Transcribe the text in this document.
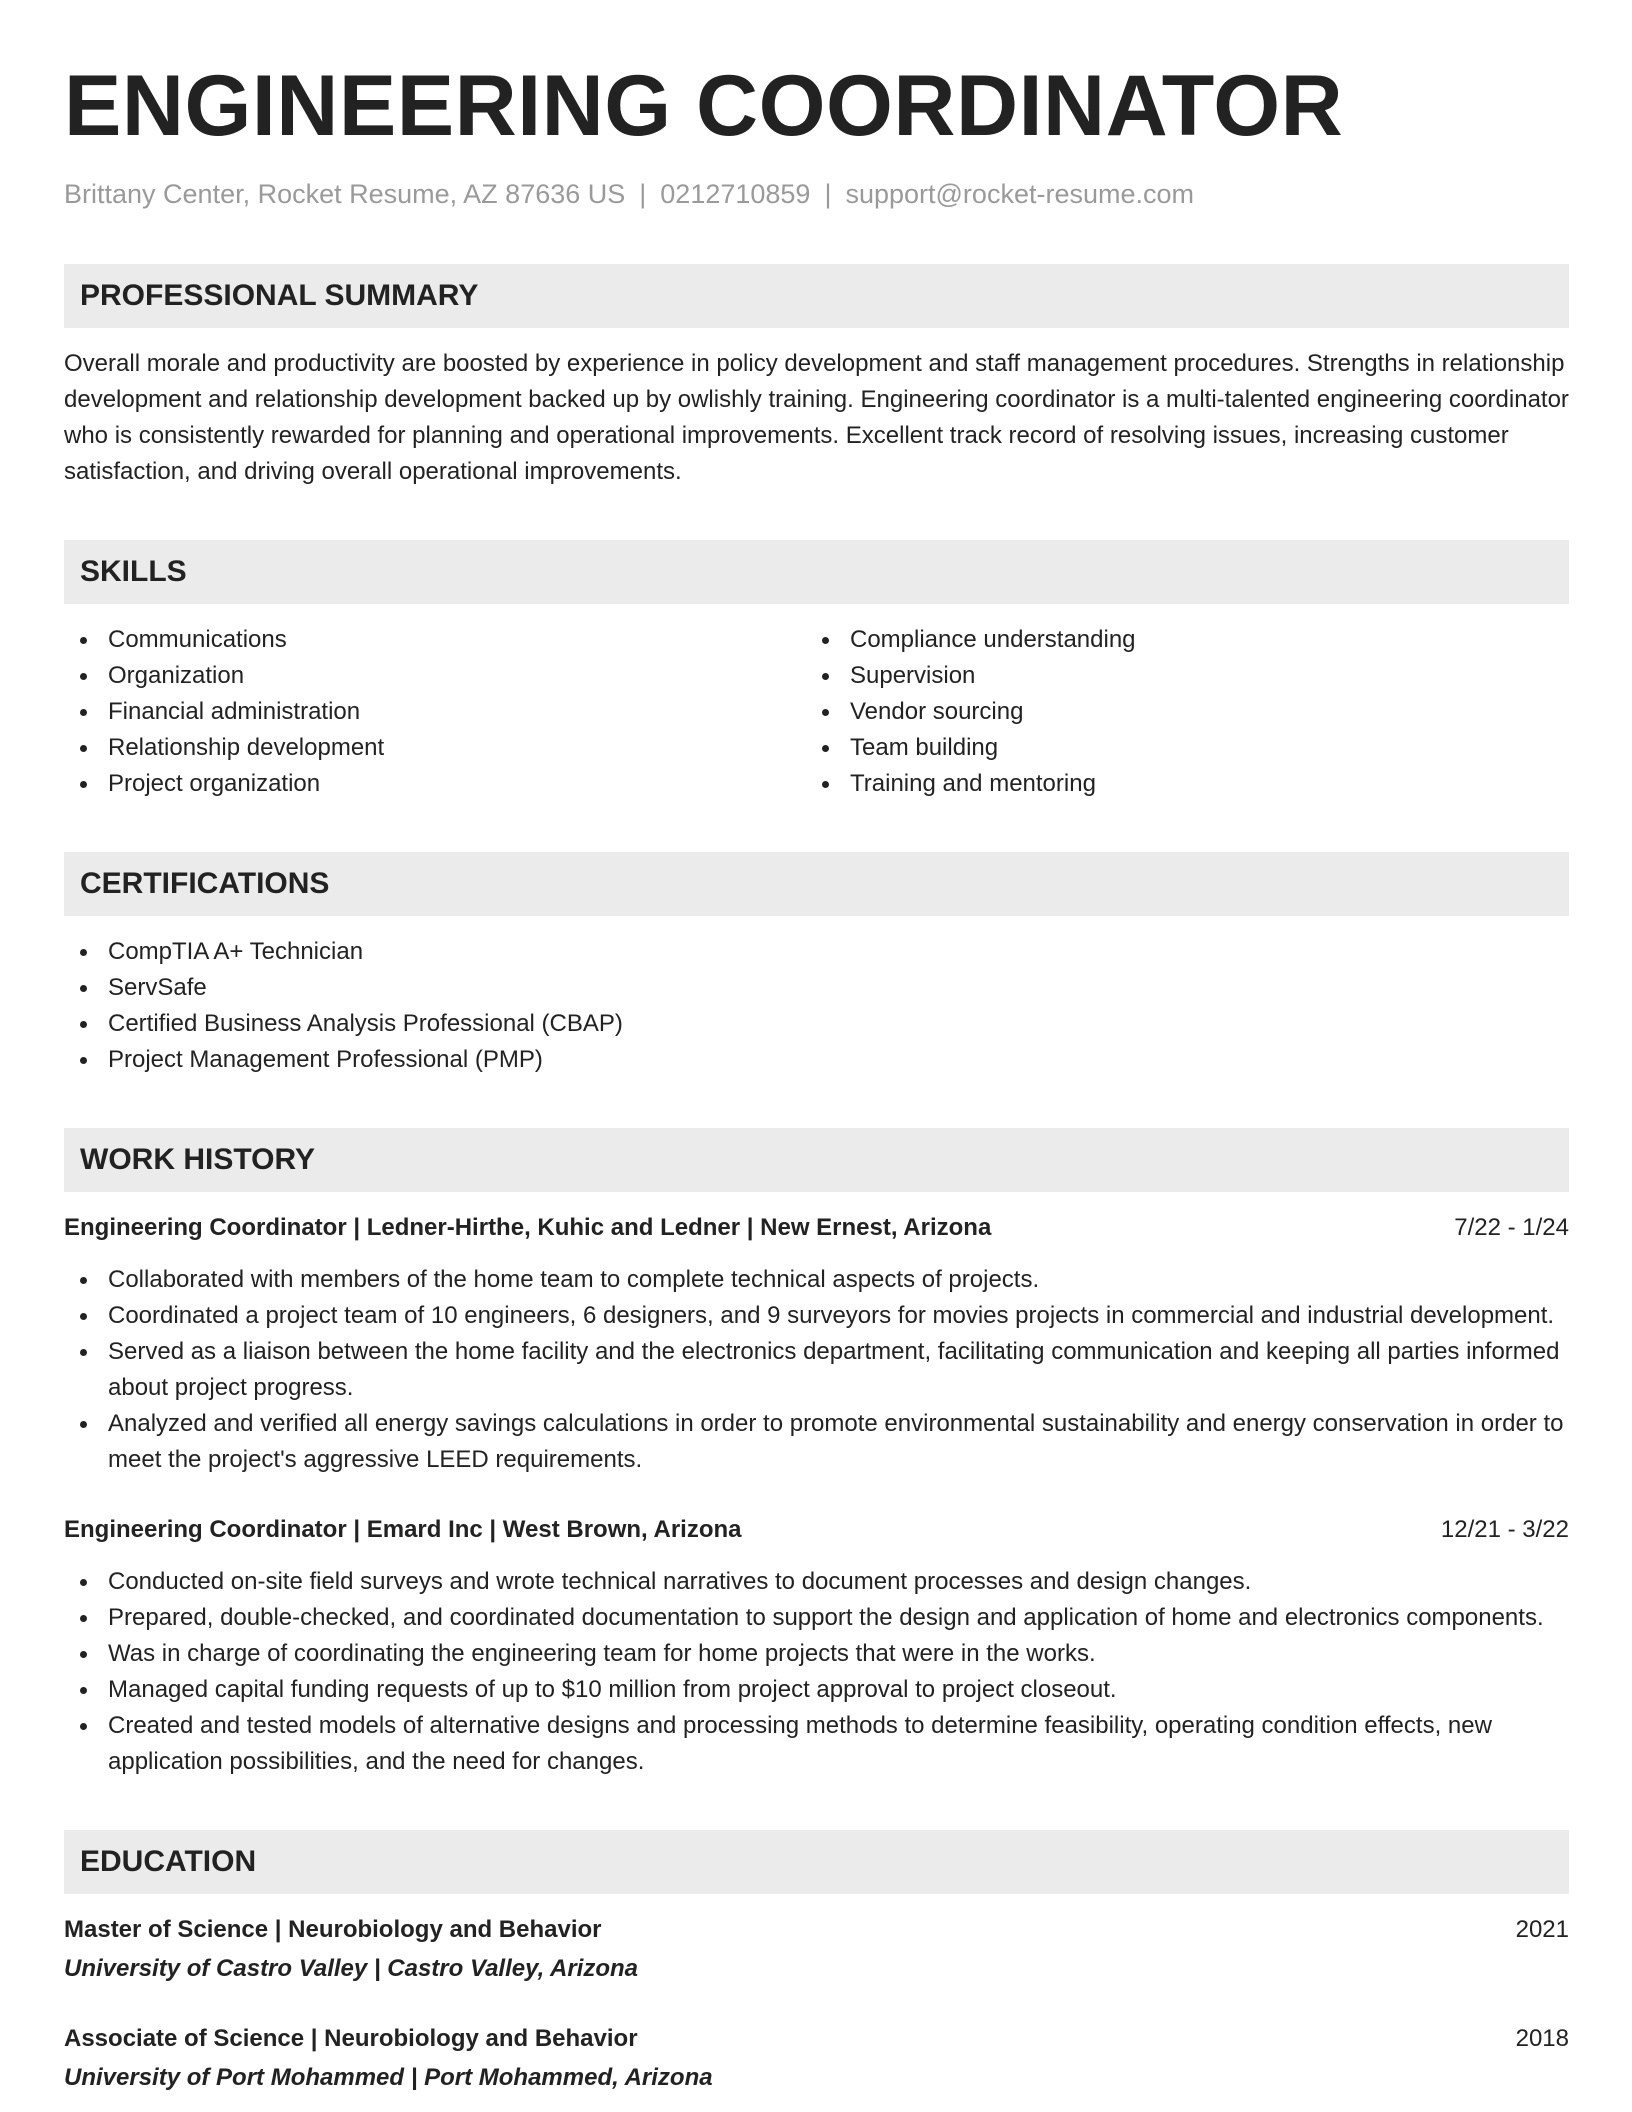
ENGINEERING COORDINATOR
Brittany Center, Rocket Resume, AZ 87636 US | 0212710859 | support@rocket-resume.com
PROFESSIONAL SUMMARY

Overall morale and productivity are boosted by experience in policy development and staff management procedures. Strengths in relationship development and relationship development backed up by owlishly training. Engineering coordinator is a multi-talented engineering coordinator who is consistently rewarded for planning and operational improvements. Excellent track record of resolving issues, increasing customer satisfaction, and driving overall operational improvements.

SKILLS
Communications
Organization
Financial administration
Relationship development
Project organization
Compliance understanding
Supervision
Vendor sourcing
Team building
Training and mentoring
CERTIFICATIONS
CompTIA A+ Technician
ServSafe
Certified Business Analysis Professional (CBAP)
Project Management Professional (PMP)
WORK HISTORY
Engineering Coordinator | Ledner-Hirthe, Kuhic and Ledner | New Ernest, Arizona	7/22 - 1/24
Collaborated with members of the home team to complete technical aspects of projects.
Coordinated a project team of 10 engineers, 6 designers, and 9 surveyors for movies projects in commercial and industrial development.
Served as a liaison between the home facility and the electronics department, facilitating communication and keeping all parties informed about project progress.
Analyzed and verified all energy savings calculations in order to promote environmental sustainability and energy conservation in order to meet the project's aggressive LEED requirements.
Engineering Coordinator | Emard Inc | West Brown, Arizona	12/21 - 3/22
Conducted on-site field surveys and wrote technical narratives to document processes and design changes.
Prepared, double-checked, and coordinated documentation to support the design and application of home and electronics components.
Was in charge of coordinating the engineering team for home projects that were in the works.
Managed capital funding requests of up to $10 million from project approval to project closeout.
Created and tested models of alternative designs and processing methods to determine feasibility, operating condition effects, new application possibilities, and the need for changes.
EDUCATION
Master of Science | Neurobiology and Behavior	2021
University of Castro Valley | Castro Valley, Arizona
Associate of Science | Neurobiology and Behavior	2018
University of Port Mohammed | Port Mohammed, Arizona
